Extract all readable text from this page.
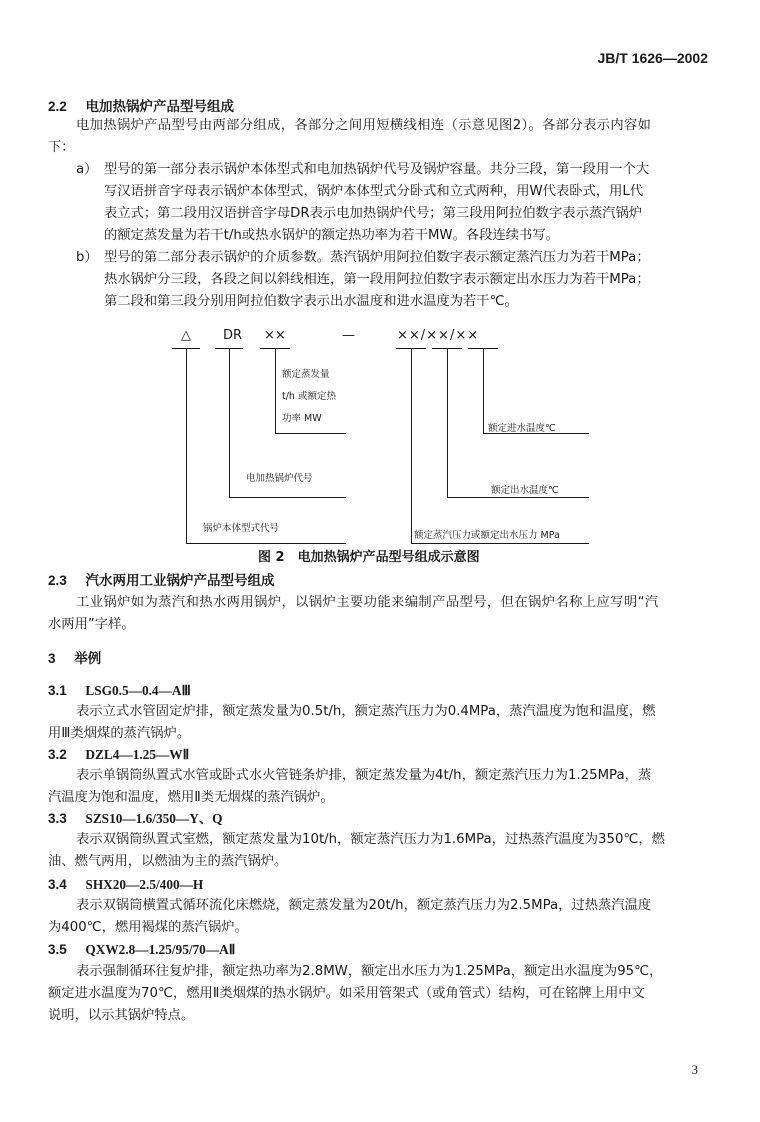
JB/T 1626—2002
2.2 电加热锅炉产品型号组成
电加热锅炉产品型号由两部分组成，各部分之间用短横线相连（示意见图2）。各部分表示内容如
下：
a） 型号的第一部分表示锅炉本体型式和电加热锅炉代号及锅炉容量。共分三段，第一段用一个大
写汉语拼音字母表示锅炉本体型式，锅炉本体型式分卧式和立式两种，用W代表卧式，用L代
表立式；第二段用汉语拼音字母DR表示电加热锅炉代号；第三段用阿拉伯数字表示蒸汽锅炉
的额定蒸发量为若干t/h或热水锅炉的额定热功率为若干MW。各段连续书写。
b） 型号的第二部分表示锅炉的介质参数。蒸汽锅炉用阿拉伯数字表示额定蒸汽压力为若干MPa；
热水锅炉分三段，各段之间以斜线相连，第一段用阿拉伯数字表示额定出水压力为若干MPa；
第二段和第三段分别用阿拉伯数字表示出水温度和进水温度为若干℃。
△ DR ××	—	××/××/××
额定蒸发量
t/h 或额定热
功率 MW
额定进水温度℃
电加热锅炉代号
额定出水温度℃
锅炉本体型式代号
额定蒸汽压力或额定出水压力 MPa
图 2　电加热锅炉产品型号组成示意图
2.3 汽水两用工业锅炉产品型号组成
工业锅炉如为蒸汽和热水两用锅炉，以锅炉主要功能来编制产品型号，但在锅炉名称上应写明“汽
水两用”字样。
3 举例
3.1 LSG0.5—0.4—AⅢ
表示立式水管固定炉排，额定蒸发量为0.5t/h，额定蒸汽压力为0.4MPa，蒸汽温度为饱和温度，燃
用Ⅲ类烟煤的蒸汽锅炉。
3.2 DZL4—1.25—WⅡ
表示单锅筒纵置式水管或卧式水火管链条炉排，额定蒸发量为4t/h，额定蒸汽压力为1.25MPa，蒸
汽温度为饱和温度，燃用Ⅱ类无烟煤的蒸汽锅炉。
3.3 SZS10—1.6/350—Y、Q
表示双锅筒纵置式室燃，额定蒸发量为10t/h，额定蒸汽压力为1.6MPa，过热蒸汽温度为350℃，燃
油、燃气两用，以燃油为主的蒸汽锅炉。
3.4 SHX20—2.5/400—H
表示双锅筒横置式循环流化床燃烧，额定蒸发量为20t/h，额定蒸汽压力为2.5MPa，过热蒸汽温度
为400℃，燃用褐煤的蒸汽锅炉。
3.5 QXW2.8—1.25/95/70—AⅡ
表示强制循环往复炉排，额定热功率为2.8MW，额定出水压力为1.25MPa，额定出水温度为95℃，
额定进水温度为70℃，燃用Ⅱ类烟煤的热水锅炉。如采用管架式（或角管式）结构，可在铭牌上用中文
说明，以示其锅炉特点。
3
